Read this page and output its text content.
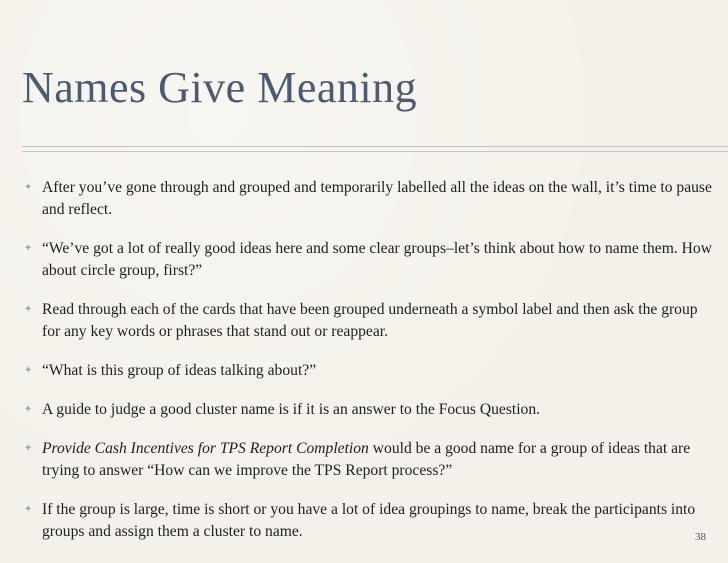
Names Give Meaning
✦ After you’ve gone through and grouped and temporarily labelled all the ideas on the wall, it’s time to pause and reflect.
✦ “We’ve got a lot of really good ideas here and some clear groups–let’s think about how to name them. How about circle group, first?”
✦ Read through each of the cards that have been grouped underneath a symbol label and then ask the group for any key words or phrases that stand out or reappear.
✦ “What is this group of ideas talking about?”
✦ A guide to judge a good cluster name is if it is an answer to the Focus Question.
✦ Provide Cash Incentives for TPS Report Completion would be a good name for a group of ideas that are trying to answer “How can we improve the TPS Report process?”
✦ If the group is large, time is short or you have a lot of idea groupings to name, break the participants into groups and assign them a cluster to name.	38
